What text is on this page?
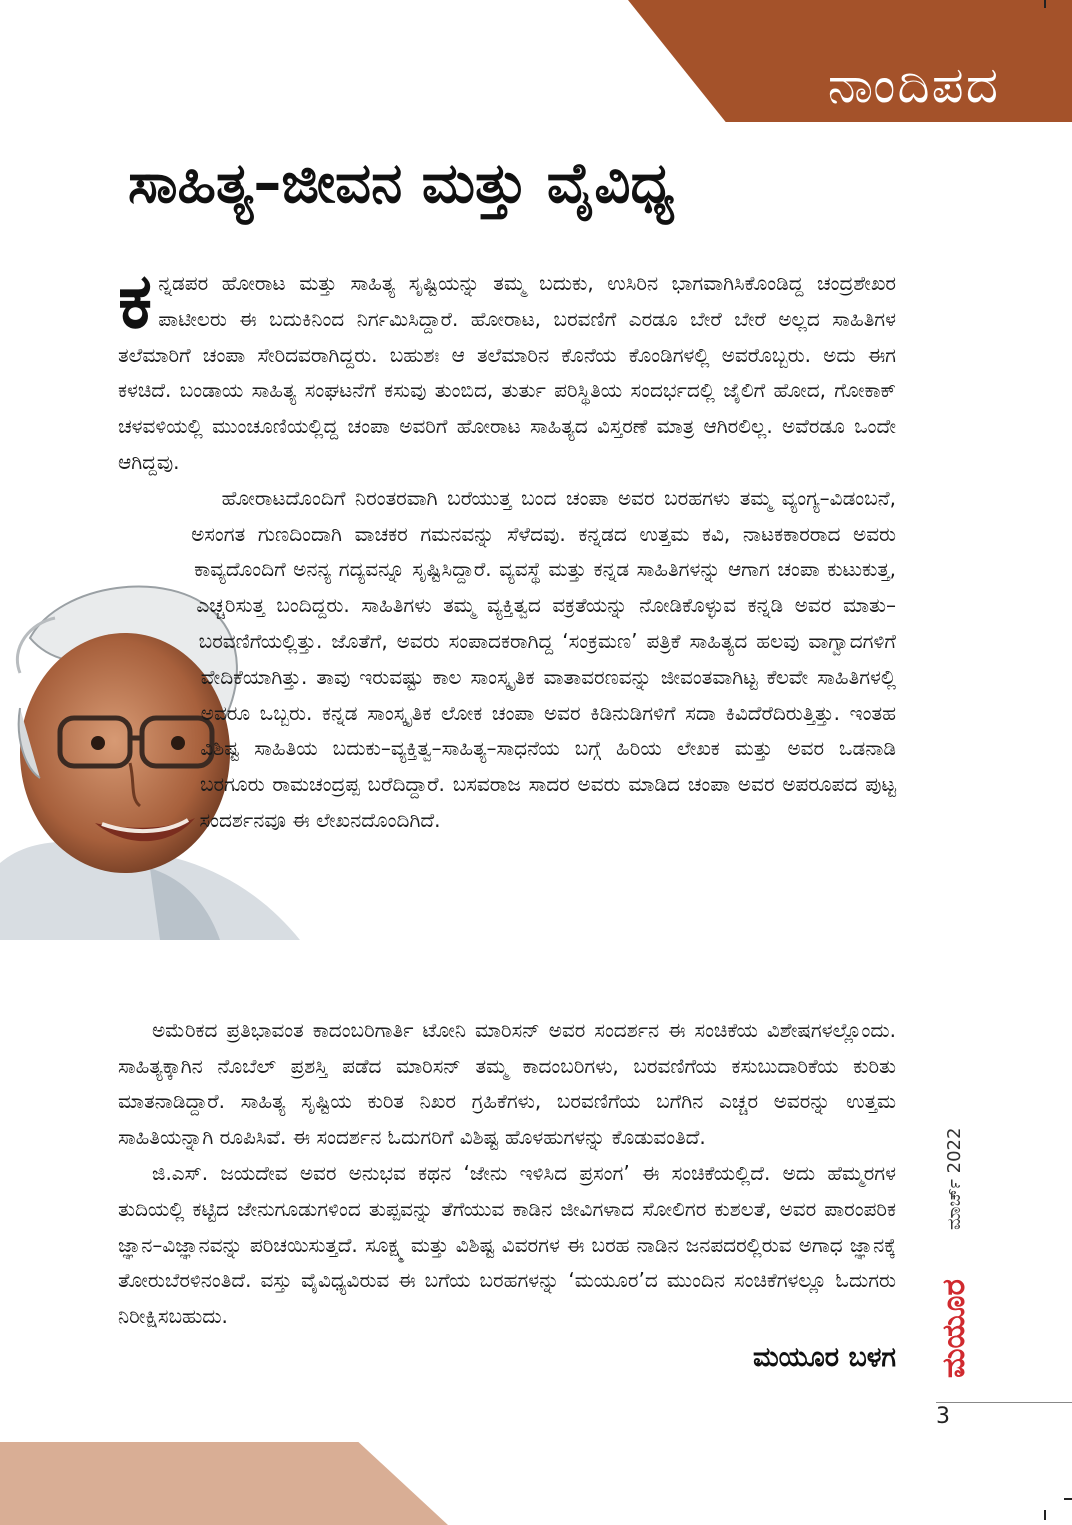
ನಾಂದಿಪದ
ಸಾಹಿತ್ಯ–ಜೀವನ ಮತ್ತು ವೈವಿಧ್ಯ

ಕನ್ನಡಪರ ಹೋರಾಟ ಮತ್ತು ಸಾಹಿತ್ಯ ಸೃಷ್ಟಿಯನ್ನು ತಮ್ಮ ಬದುಕು, ಉಸಿರಿನ ಭಾಗವಾಗಿಸಿಕೊಂಡಿದ್ದ ಚಂದ್ರಶೇಖರ ಪಾಟೀಲರು ಈ ಬದುಕಿನಿಂದ ನಿರ್ಗಮಿಸಿದ್ದಾರೆ. ಹೋರಾಟ, ಬರವಣಿಗೆ ಎರಡೂ ಬೇರೆ ಬೇರೆ ಅಲ್ಲದ ಸಾಹಿತಿಗಳ ತಲೆಮಾರಿಗೆ ಚಂಪಾ ಸೇರಿದವರಾಗಿದ್ದರು. ಬಹುಶಃ ಆ ತಲೆಮಾರಿನ ಕೊನೆಯ ಕೊಂಡಿಗಳಲ್ಲಿ ಅವರೊಬ್ಬರು. ಅದು ಈಗ ಕಳಚಿದೆ. ಬಂಡಾಯ ಸಾಹಿತ್ಯ ಸಂಘಟನೆಗೆ ಕಸುವು ತುಂಬಿದ, ತುರ್ತು ಪರಿಸ್ಥಿತಿಯ ಸಂದರ್ಭದಲ್ಲಿ ಜೈಲಿಗೆ ಹೋದ, ಗೋಕಾಕ್ ಚಳವಳಿಯಲ್ಲಿ ಮುಂಚೂಣಿಯಲ್ಲಿದ್ದ ಚಂಪಾ ಅವರಿಗೆ ಹೋರಾಟ ಸಾಹಿತ್ಯದ ವಿಸ್ತರಣೆ ಮಾತ್ರ ಆಗಿರಲಿಲ್ಲ. ಅವೆರಡೂ ಒಂದೇ ಆಗಿದ್ದವು.

ಹೋರಾಟದೊಂದಿಗೆ ನಿರಂತರವಾಗಿ ಬರೆಯುತ್ತ ಬಂದ ಚಂಪಾ ಅವರ ಬರಹಗಳು ತಮ್ಮ ವ್ಯಂಗ್ಯ–ವಿಡಂಬನೆ, ಅಸಂಗತ ಗುಣದಿಂದಾಗಿ ವಾಚಕರ ಗಮನವನ್ನು ಸೆಳೆದವು. ಕನ್ನಡದ ಉತ್ತಮ ಕವಿ, ನಾಟಕಕಾರರಾದ ಅವರು ಕಾವ್ಯದೊಂದಿಗೆ ಅನನ್ಯ ಗದ್ಯವನ್ನೂ ಸೃಷ್ಟಿಸಿದ್ದಾರೆ. ವ್ಯವಸ್ಥೆ ಮತ್ತು ಕನ್ನಡ ಸಾಹಿತಿಗಳನ್ನು ಆಗಾಗ ಚಂಪಾ ಕುಟುಕುತ್ತ, ಎಚ್ಚರಿಸುತ್ತ ಬಂದಿದ್ದರು. ಸಾಹಿತಿಗಳು ತಮ್ಮ ವ್ಯಕ್ತಿತ್ವದ ವಕ್ರತೆಯನ್ನು ನೋಡಿಕೊಳ್ಳುವ ಕನ್ನಡಿ ಅವರ ಮಾತು–ಬರವಣಿಗೆಯಲ್ಲಿತ್ತು. ಜೊತೆಗೆ, ಅವರು ಸಂಪಾದಕರಾಗಿದ್ದ ‘ಸಂಕ್ರಮಣ’ ಪತ್ರಿಕೆ ಸಾಹಿತ್ಯದ ಹಲವು ವಾಗ್ವಾದಗಳಿಗೆ ವೇದಿಕೆಯಾಗಿತ್ತು. ತಾವು ಇರುವಷ್ಟು ಕಾಲ ಸಾಂಸ್ಕೃತಿಕ ವಾತಾವರಣವನ್ನು ಜೀವಂತವಾಗಿಟ್ಟ ಕೆಲವೇ ಸಾಹಿತಿಗಳಲ್ಲಿ ಅವರೂ ಒಬ್ಬರು. ಕನ್ನಡ ಸಾಂಸ್ಕೃತಿಕ ಲೋಕ ಚಂಪಾ ಅವರ ಕಿಡಿನುಡಿಗಳಿಗೆ ಸದಾ ಕಿವಿದೆರೆದಿರುತ್ತಿತ್ತು. ಇಂತಹ ವಿಶಿಷ್ಟ ಸಾಹಿತಿಯ ಬದುಕು–ವ್ಯಕ್ತಿತ್ವ–ಸಾಹಿತ್ಯ–ಸಾಧನೆಯ ಬಗ್ಗೆ ಹಿರಿಯ ಲೇಖಕ ಮತ್ತು ಅವರ ಒಡನಾಡಿ ಬರಗೂರು ರಾಮಚಂದ್ರಪ್ಪ ಬರೆದಿದ್ದಾರೆ. ಬಸವರಾಜ ಸಾದರ ಅವರು ಮಾಡಿದ ಚಂಪಾ ಅವರ ಅಪರೂಪದ ಪುಟ್ಟ ಸಂದರ್ಶನವೂ ಈ ಲೇಖನದೊಂದಿಗಿದೆ.

ಅಮೆರಿಕದ ಪ್ರತಿಭಾವಂತ ಕಾದಂಬರಿಗಾರ್ತಿ ಟೋನಿ ಮಾರಿಸನ್ ಅವರ ಸಂದರ್ಶನ ಈ ಸಂಚಿಕೆಯ ವಿಶೇಷಗಳಲ್ಲೊಂದು. ಸಾಹಿತ್ಯಕ್ಕಾಗಿನ ನೊಬೆಲ್ ಪ್ರಶಸ್ತಿ ಪಡೆದ ಮಾರಿಸನ್ ತಮ್ಮ ಕಾದಂಬರಿಗಳು, ಬರವಣಿಗೆಯ ಕಸುಬುದಾರಿಕೆಯ ಕುರಿತು ಮಾತನಾಡಿದ್ದಾರೆ. ಸಾಹಿತ್ಯ ಸೃಷ್ಟಿಯ ಕುರಿತ ನಿಖರ ಗ್ರಹಿಕೆಗಳು, ಬರವಣಿಗೆಯ ಬಗೆಗಿನ ಎಚ್ಚರ ಅವರನ್ನು ಉತ್ತಮ ಸಾಹಿತಿಯನ್ನಾಗಿ ರೂಪಿಸಿವೆ. ಈ ಸಂದರ್ಶನ ಓದುಗರಿಗೆ ವಿಶಿಷ್ಟ ಹೊಳಹುಗಳನ್ನು ಕೊಡುವಂತಿದೆ.

ಜಿ.ಎಸ್. ಜಯದೇವ ಅವರ ಅನುಭವ ಕಥನ ‘ಜೇನು ಇಳಿಸಿದ ಪ್ರಸಂಗ’ ಈ ಸಂಚಿಕೆಯಲ್ಲಿದೆ. ಅದು ಹೆಮ್ಮರಗಳ ತುದಿಯಲ್ಲಿ ಕಟ್ಟಿದ ಜೇನುಗೂಡುಗಳಿಂದ ತುಪ್ಪವನ್ನು ತೆಗೆಯುವ ಕಾಡಿನ ಜೀವಿಗಳಾದ ಸೋಲಿಗರ ಕುಶಲತೆ, ಅವರ ಪಾರಂಪರಿಕ ಜ್ಞಾನ–ವಿಜ್ಞಾನವನ್ನು ಪರಿಚಯಿಸುತ್ತದೆ. ಸೂಕ್ಷ್ಮ ಮತ್ತು ವಿಶಿಷ್ಟ ವಿವರಗಳ ಈ ಬರಹ ನಾಡಿನ ಜನಪದರಲ್ಲಿರುವ ಅಗಾಧ ಜ್ಞಾನಕ್ಕೆ ತೋರುಬೆರಳಿನಂತಿದೆ. ವಸ್ತು ವೈವಿಧ್ಯವಿರುವ ಈ ಬಗೆಯ ಬರಹಗಳನ್ನು ‘ಮಯೂರ’ದ ಮುಂದಿನ ಸಂಚಿಕೆಗಳಲ್ಲೂ ಓದುಗರು ನಿರೀಕ್ಷಿಸಬಹುದು.

ಮಯೂರ ಬಳಗ
ಮಾರ್ಚ್ 2022
ಮಯೂರ
3
